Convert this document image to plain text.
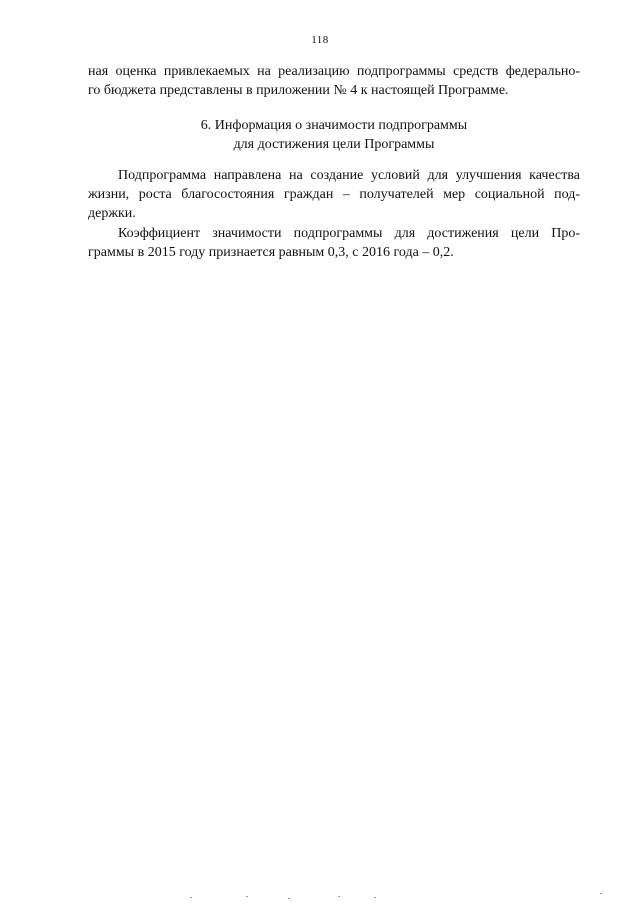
118
ная оценка привлекаемых на реализацию подпрограммы средств федерально-
го бюджета представлены в приложении № 4 к настоящей Программе.
6. Информация о значимости подпрограммы
для достижения цели Программы
Подпрограмма направлена на создание условий для улучшения качества
жизни, роста благосостояния граждан – получателей мер социальной под-
держки.
Коэффициент значимости подпрограммы для достижения цели Про-
граммы в 2015 году признается равным 0,3, с 2016 года – 0,2.
